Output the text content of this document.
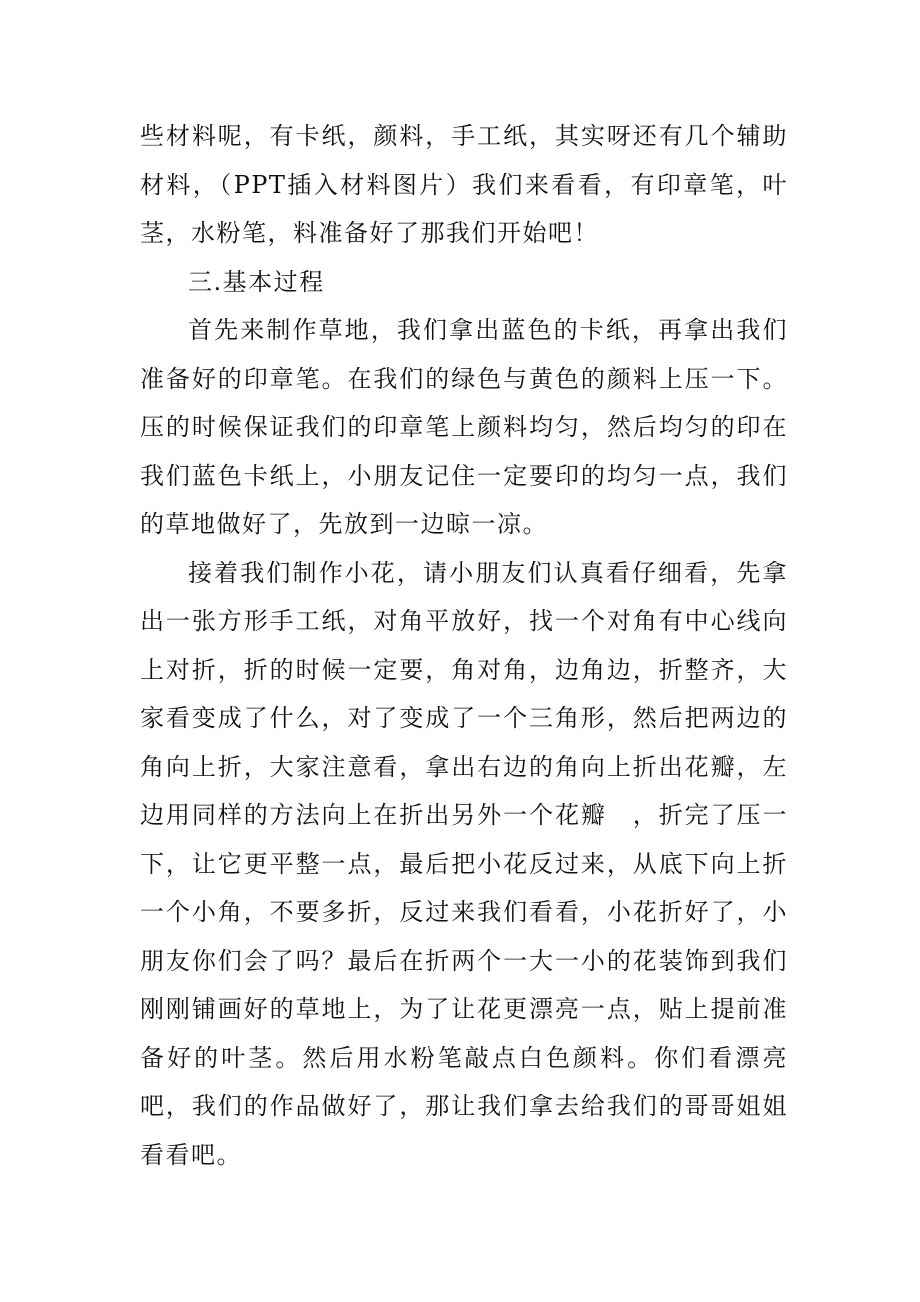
些材料呢，有卡纸，颜料，手工纸，其实呀还有几个辅助材料，（PPT插入材料图片）我们来看看，有印章笔，叶茎，水粉笔，料准备好了那我们开始吧！

三.基本过程

首先来制作草地，我们拿出蓝色的卡纸，再拿出我们准备好的印章笔。在我们的绿色与黄色的颜料上压一下。压的时候保证我们的印章笔上颜料均匀，然后均匀的印在我们蓝色卡纸上，小朋友记住一定要印的均匀一点，我们的草地做好了，先放到一边晾一凉。

接着我们制作小花，请小朋友们认真看仔细看，先拿出一张方形手工纸，对角平放好，找一个对角有中心线向上对折，折的时候一定要，角对角，边角边，折整齐，大家看变成了什么，对了变成了一个三角形，然后把两边的角向上折，大家注意看，拿出右边的角向上折出花瓣，左边用同样的方法向上在折出另外一个花瓣　，折完了压一下，让它更平整一点，最后把小花反过来，从底下向上折一个小角，不要多折，反过来我们看看，小花折好了，小朋友你们会了吗？最后在折两个一大一小的花装饰到我们刚刚铺画好的草地上，为了让花更漂亮一点，贴上提前准备好的叶茎。然后用水粉笔敲点白色颜料。你们看漂亮吧，我们的作品做好了，那让我们拿去给我们的哥哥姐姐看看吧。
